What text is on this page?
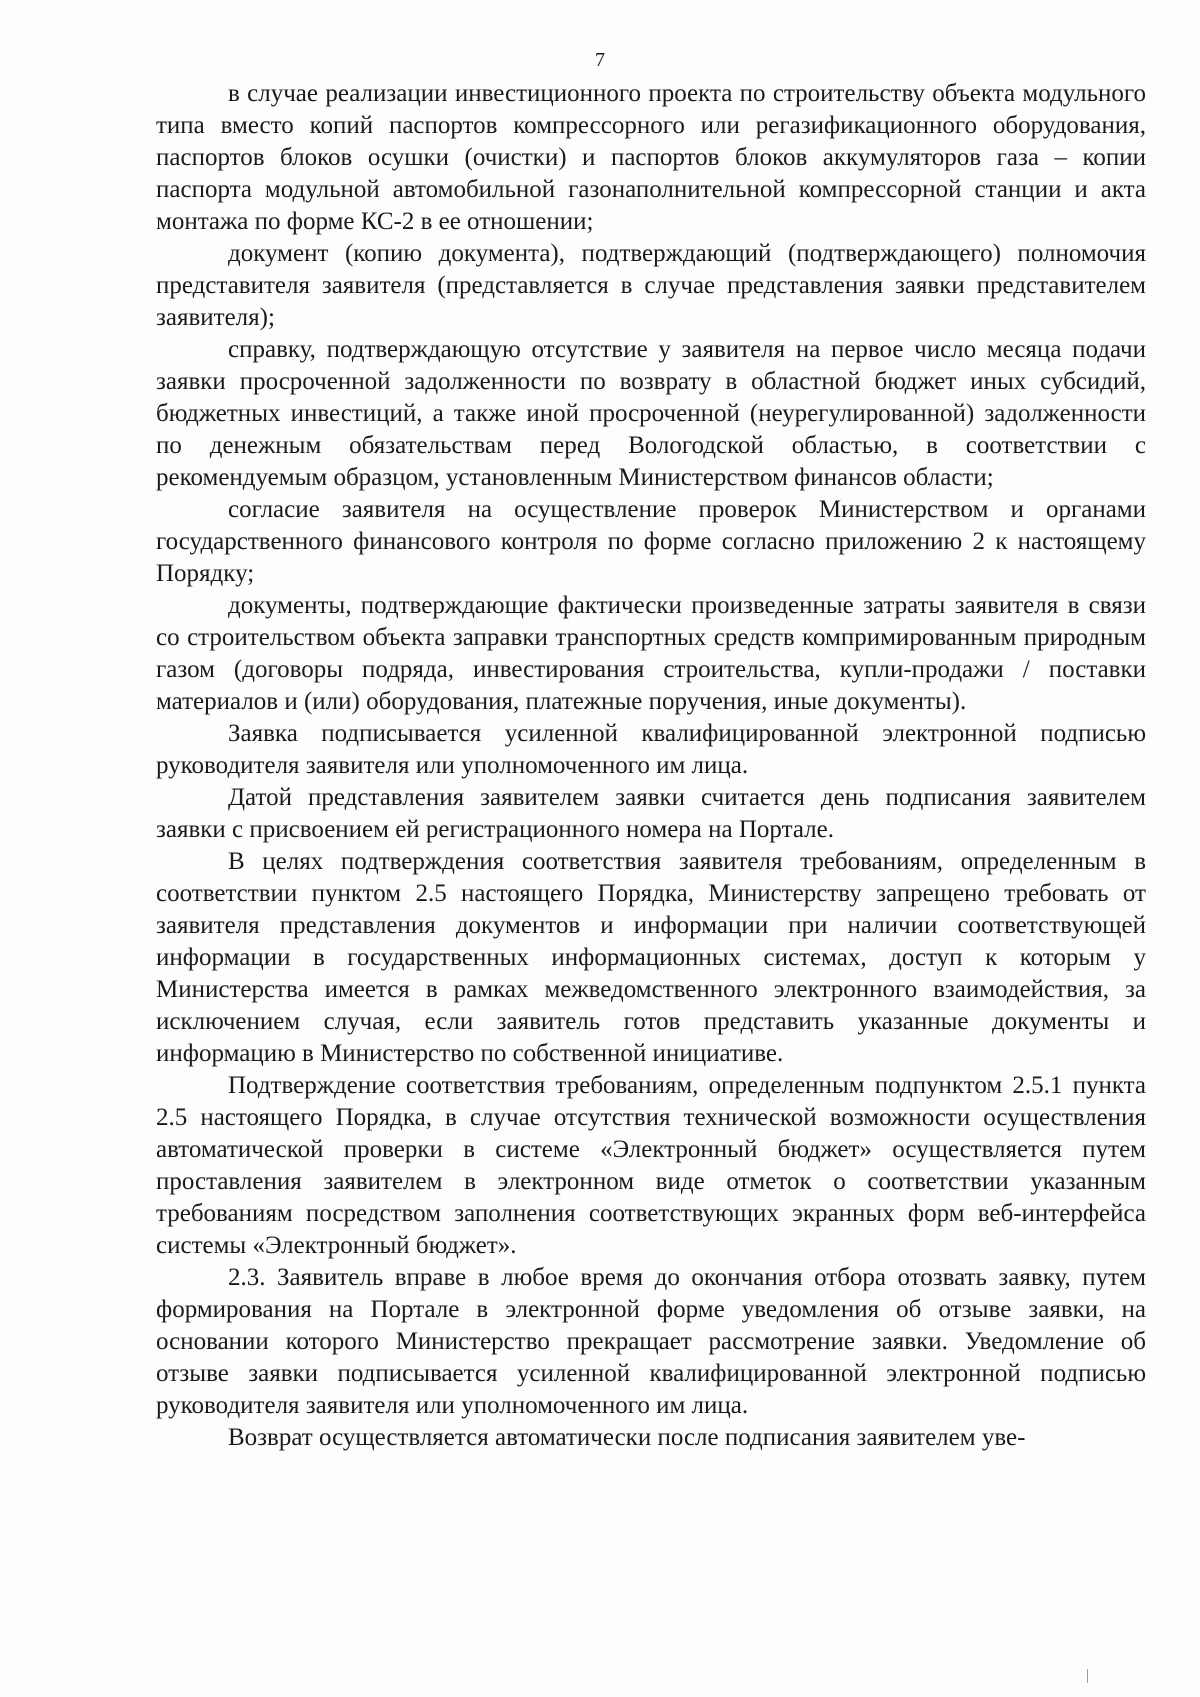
7

в случае реализации инвестиционного проекта по строительству объекта модульного типа вместо копий паспортов компрессорного или регазификационного оборудования, паспортов блоков осушки (очистки) и паспортов блоков аккумуляторов газа – копии паспорта модульной автомобильной газонаполнительной компрессорной станции и акта монтажа по форме КС-2 в ее отношении;

документ (копию документа), подтверждающий (подтверждающего) полномочия представителя заявителя (представляется в случае представления заявки представителем заявителя);

справку, подтверждающую отсутствие у заявителя на первое число месяца подачи заявки просроченной задолженности по возврату в областной бюджет иных субсидий, бюджетных инвестиций, а также иной просроченной (неурегулированной) задолженности по денежным обязательствам перед Вологодской областью, в соответствии с рекомендуемым образцом, установленным Министерством финансов области;

согласие заявителя на осуществление проверок Министерством и органами государственного финансового контроля по форме согласно приложению 2 к настоящему Порядку;

документы, подтверждающие фактически произведенные затраты заявителя в связи со строительством объекта заправки транспортных средств компримированным природным газом (договоры подряда, инвестирования строительства, купли-продажи / поставки материалов и (или) оборудования, платежные поручения, иные документы).

Заявка подписывается усиленной квалифицированной электронной подписью руководителя заявителя или уполномоченного им лица.

Датой представления заявителем заявки считается день подписания заявителем заявки с присвоением ей регистрационного номера на Портале.

В целях подтверждения соответствия заявителя требованиям, определенным в соответствии пунктом 2.5 настоящего Порядка, Министерству запрещено требовать от заявителя представления документов и информации при наличии соответствующей информации в государственных информационных системах, доступ к которым у Министерства имеется в рамках межведомственного электронного взаимодействия, за исключением случая, если заявитель готов представить указанные документы и информацию в Министерство по собственной инициативе.

Подтверждение соответствия требованиям, определенным подпунктом 2.5.1 пункта 2.5 настоящего Порядка, в случае отсутствия технической возможности осуществления автоматической проверки в системе «Электронный бюджет» осуществляется путем проставления заявителем в электронном виде отметок о соответствии указанным требованиям посредством заполнения соответствующих экранных форм веб-интерфейса системы «Электронный бюджет».

2.3. Заявитель вправе в любое время до окончания отбора отозвать заявку, путем формирования на Портале в электронной форме уведомления об отзыве заявки, на основании которого Министерство прекращает рассмотрение заявки. Уведомление об отзыве заявки подписывается усиленной квалифицированной электронной подписью руководителя заявителя или уполномоченного им лица.

Возврат осуществляется автоматически после подписания заявителем уве-
